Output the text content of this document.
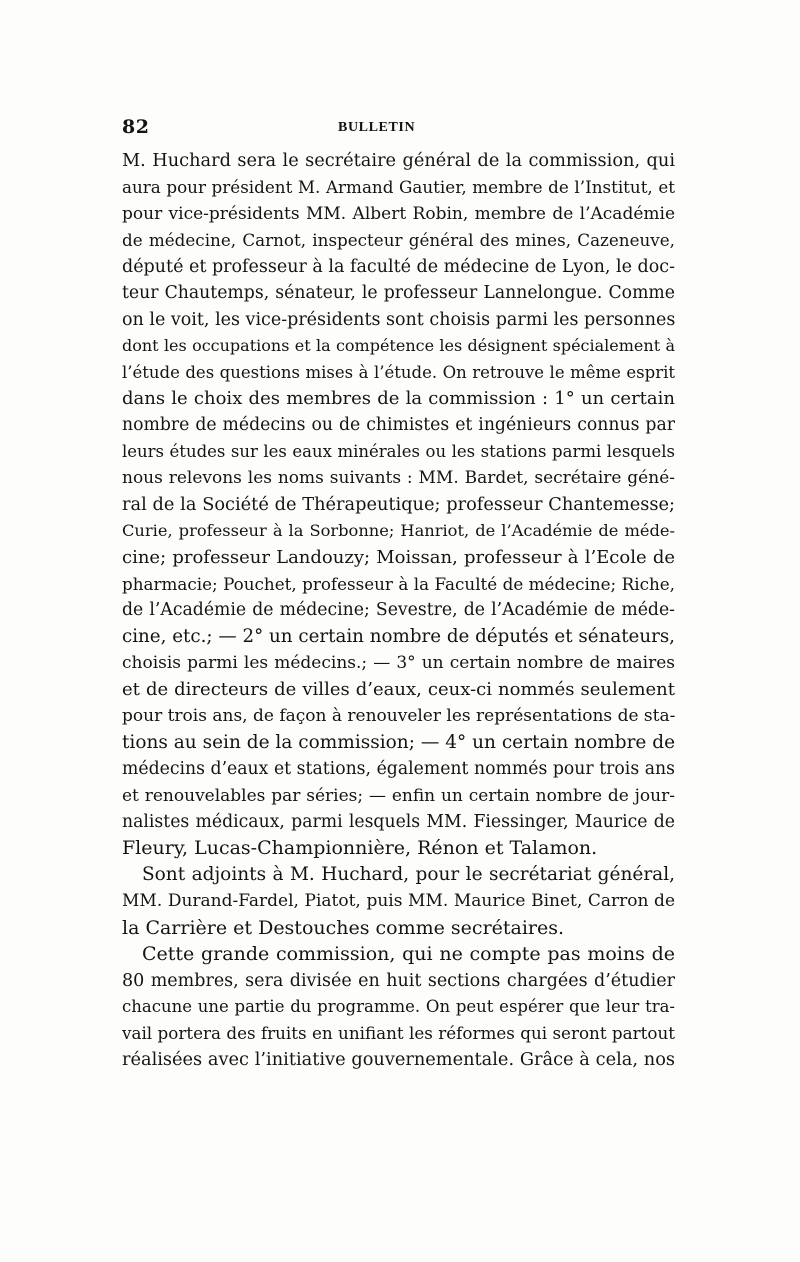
82	BULLETIN
M. Huchard sera le secrétaire général de la commission, qui
aura pour président M. Armand Gautier, membre de l’Institut, et
pour vice-présidents MM. Albert Robin, membre de l’Académie
de médecine, Carnot, inspecteur général des mines, Cazeneuve,
député et professeur à la faculté de médecine de Lyon, le doc-
teur Chautemps, sénateur, le professeur Lannelongue. Comme
on le voit, les vice-présidents sont choisis parmi les personnes
dont les occupations et la compétence les désignent spécialement à
l’étude des questions mises à l’étude. On retrouve le même esprit
dans le choix des membres de la commission : 1° un certain
nombre de médecins ou de chimistes et ingénieurs connus par
leurs études sur les eaux minérales ou les stations parmi lesquels
nous relevons les noms suivants : MM. Bardet, secrétaire géné-
ral de la Société de Thérapeutique; professeur Chantemesse;
Curie, professeur à la Sorbonne; Hanriot, de l’Académie de méde-
cine; professeur Landouzy; Moissan, professeur à l’Ecole de
pharmacie; Pouchet, professeur à la Faculté de médecine; Riche,
de l’Académie de médecine; Sevestre, de l’Académie de méde-
cine, etc.; — 2° un certain nombre de députés et sénateurs,
choisis parmi les médecins.; — 3° un certain nombre de maires
et de directeurs de villes d’eaux, ceux-ci nommés seulement
pour trois ans, de façon à renouveler les représentations de sta-
tions au sein de la commission; — 4° un certain nombre de
médecins d’eaux et stations, également nommés pour trois ans
et renouvelables par séries; — enfin un certain nombre de jour-
nalistes médicaux, parmi lesquels MM. Fiessinger, Maurice de
Fleury, Lucas-Championnière, Rénon et Talamon.
Sont adjoints à M. Huchard, pour le secrétariat général,
MM. Durand-Fardel, Piatot, puis MM. Maurice Binet, Carron de
la Carrière et Destouches comme secrétaires.
Cette grande commission, qui ne compte pas moins de
80 membres, sera divisée en huit sections chargées d’étudier
chacune une partie du programme. On peut espérer que leur tra-
vail portera des fruits en unifiant les réformes qui seront partout
réalisées avec l’initiative gouvernementale. Grâce à cela, nos
